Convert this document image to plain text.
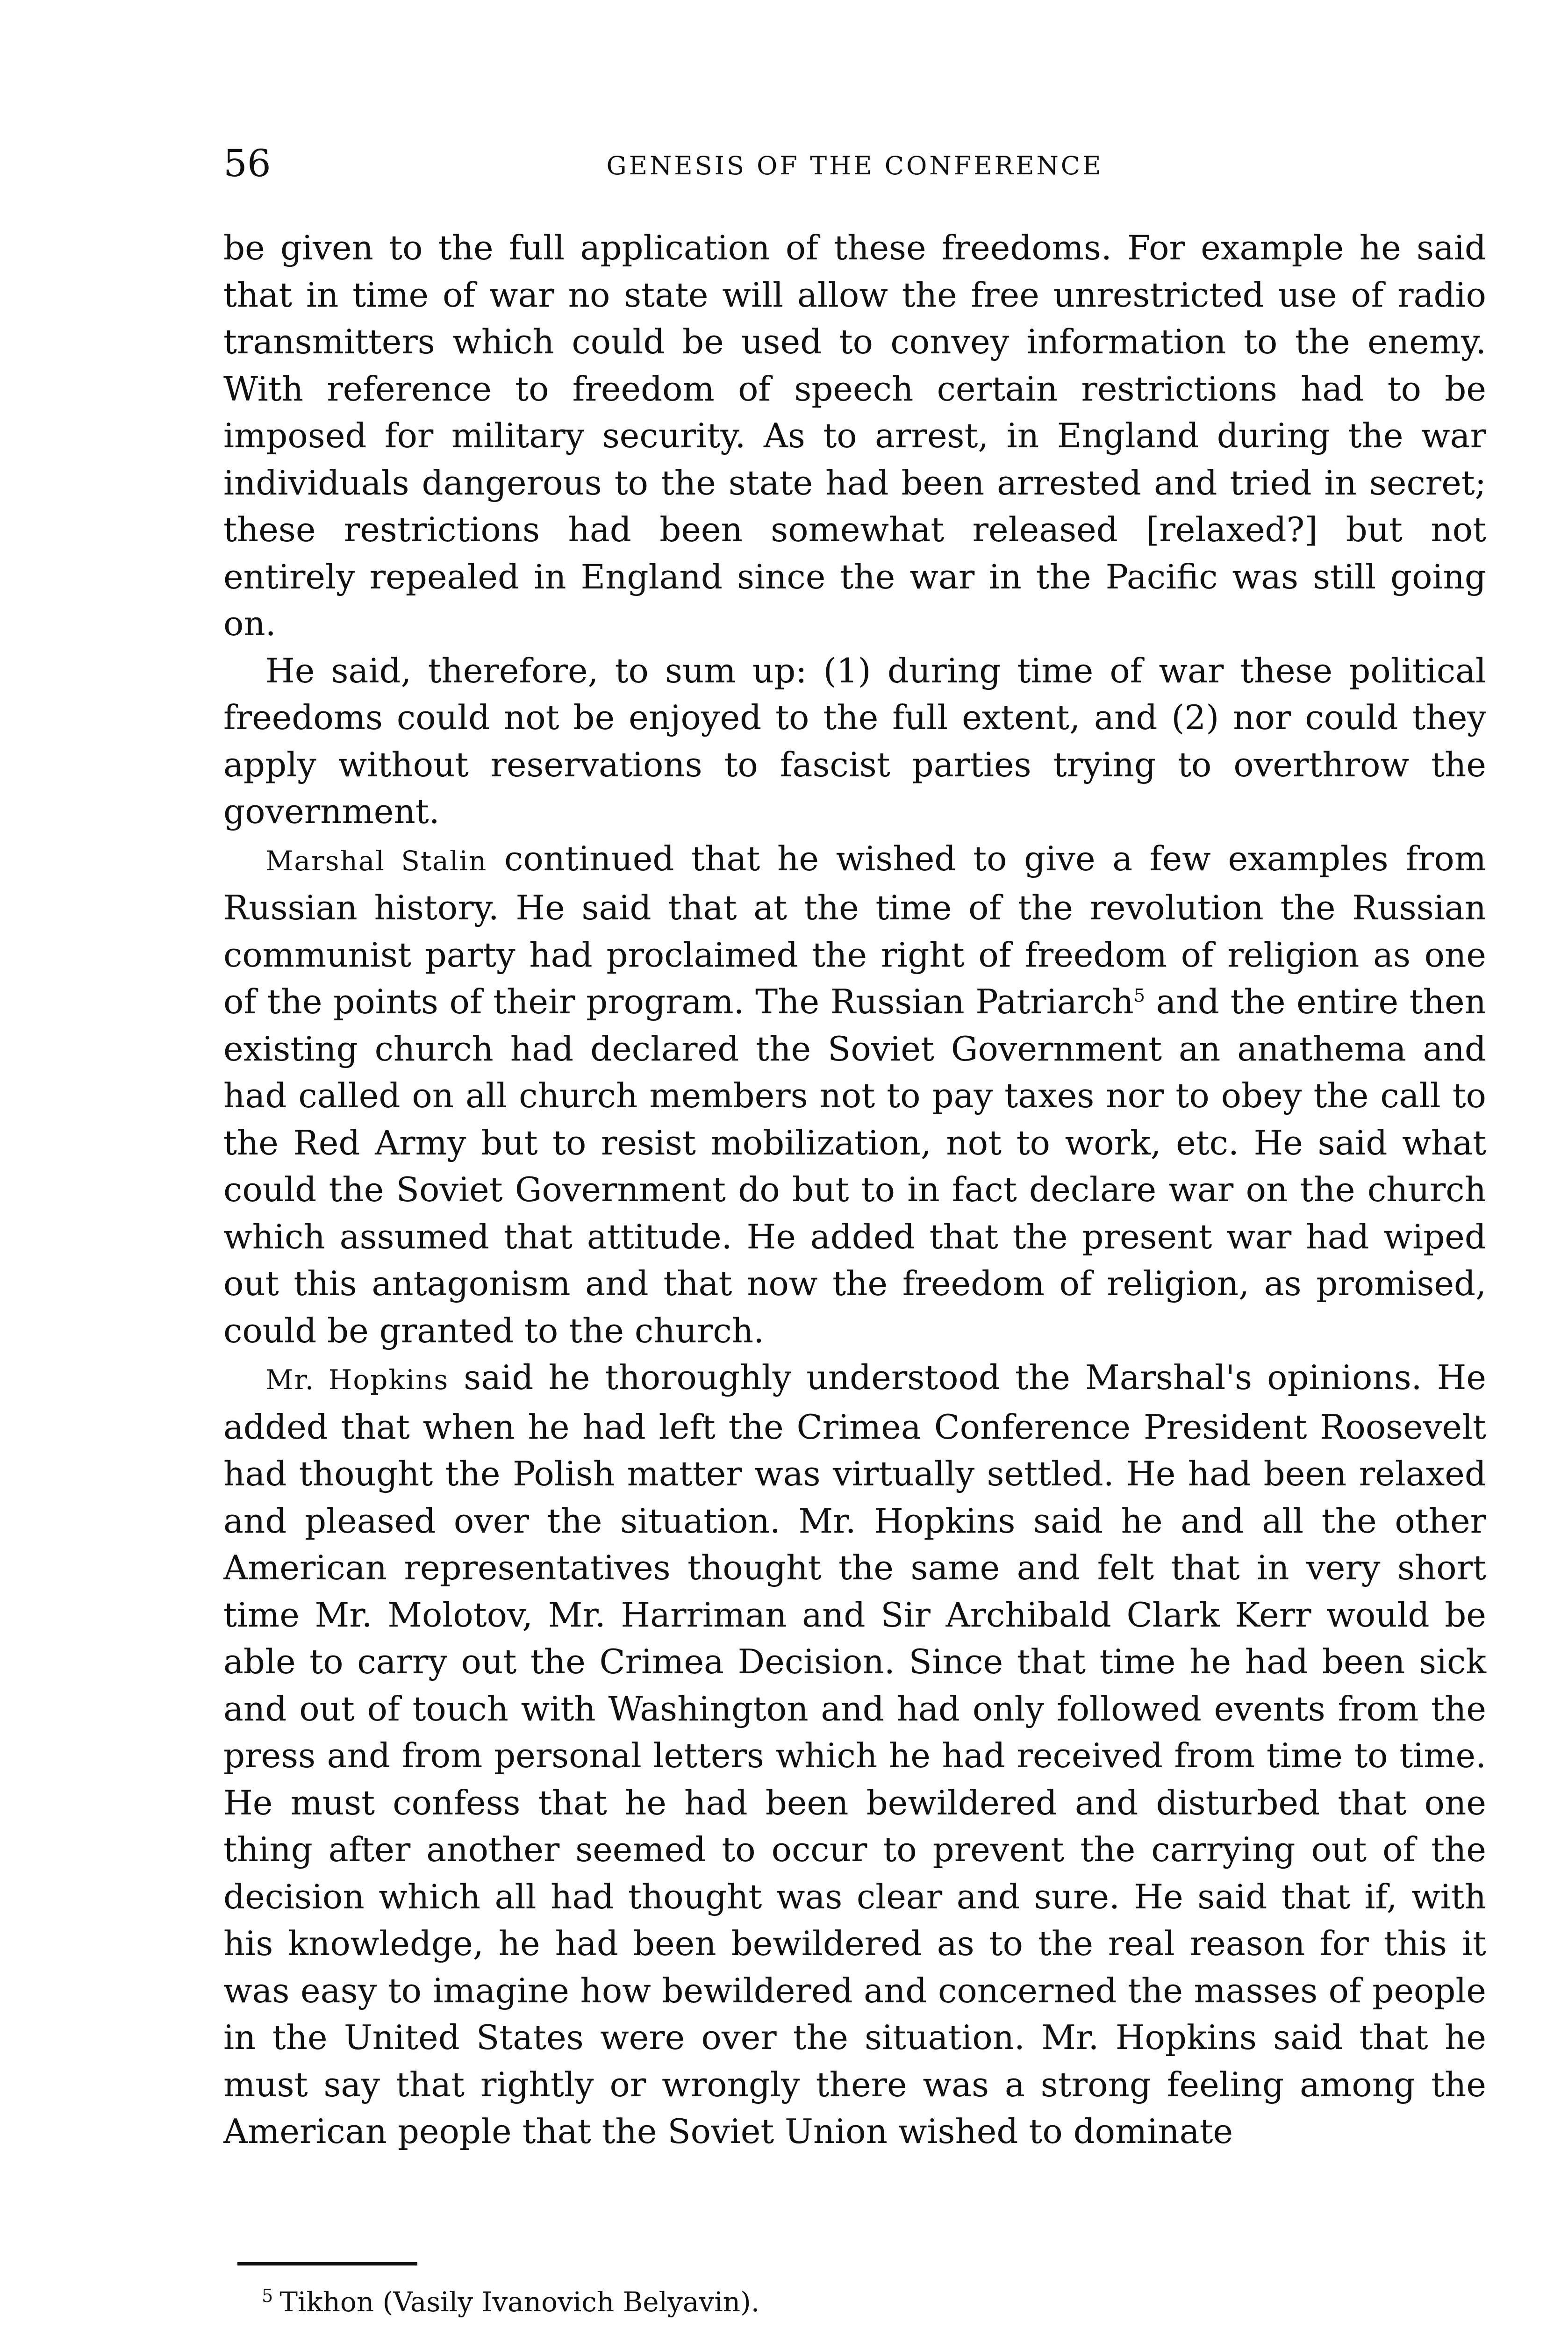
56	GENESIS OF THE CONFERENCE

be given to the full application of these freedoms. For example he said that in time of war no state will allow the free unrestricted use of radio transmitters which could be used to convey information to the enemy. With reference to freedom of speech certain restrictions had to be imposed for military security. As to arrest, in England during the war individuals dangerous to the state had been arrested and tried in secret; these restrictions had been somewhat released [relaxed?] but not entirely repealed in England since the war in the Pacific was still going on.

He said, therefore, to sum up: (1) during time of war these political freedoms could not be enjoyed to the full extent, and (2) nor could they apply without reservations to fascist parties trying to overthrow the government.

Marshal Stalin continued that he wished to give a few examples from Russian history. He said that at the time of the revolution the Russian communist party had proclaimed the right of freedom of religion as one of the points of their program. The Russian Patriarch$^5$ and the entire then existing church had declared the Soviet Government an anathema and had called on all church members not to pay taxes nor to obey the call to the Red Army but to resist mobilization, not to work, etc. He said what could the Soviet Government do but to in fact declare war on the church which assumed that attitude. He added that the present war had wiped out this antagonism and that now the freedom of religion, as promised, could be granted to the church.

Mr. Hopkins said he thoroughly understood the Marshal's opinions. He added that when he had left the Crimea Conference President Roosevelt had thought the Polish matter was virtually settled. He had been relaxed and pleased over the situation. Mr. Hopkins said he and all the other American representatives thought the same and felt that in very short time Mr. Molotov, Mr. Harriman and Sir Archibald Clark Kerr would be able to carry out the Crimea Decision. Since that time he had been sick and out of touch with Washington and had only followed events from the press and from personal letters which he had received from time to time. He must confess that he had been bewildered and disturbed that one thing after another seemed to occur to prevent the carrying out of the decision which all had thought was clear and sure. He said that if, with his knowledge, he had been bewildered as to the real reason for this it was easy to imagine how bewildered and concerned the masses of people in the United States were over the situation. Mr. Hopkins said that he must say that rightly or wrongly there was a strong feeling among the American people that the Soviet Union wished to dominate

$^5$ Tikhon (Vasily Ivanovich Belyavin).
